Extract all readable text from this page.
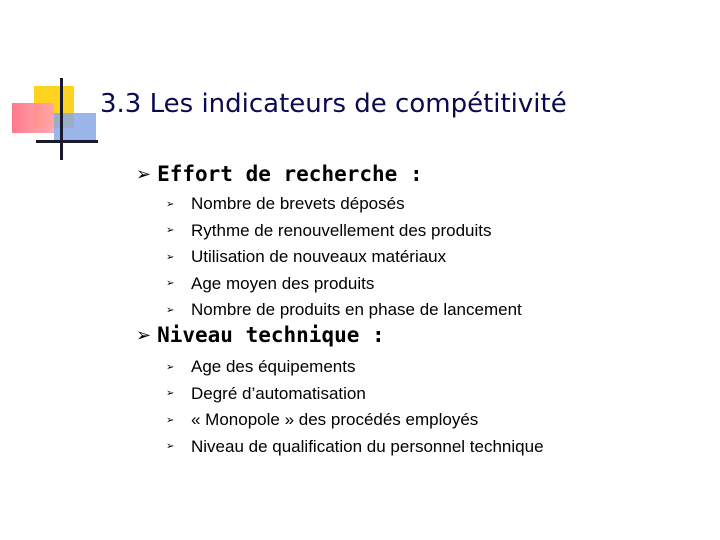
3.3 Les indicateurs de compétitivité
➢ Effort de recherche :
➢ Nombre de brevets déposés
➢ Rythme de renouvellement des produits
➢ Utilisation de nouveaux matériaux
➢ Age moyen des produits
➢ Nombre de produits en phase de lancement
➢ Niveau technique :
➢ Age des équipements
➢ Degré d’automatisation
➢ « Monopole » des procédés employés
➢ Niveau de qualification du personnel technique
